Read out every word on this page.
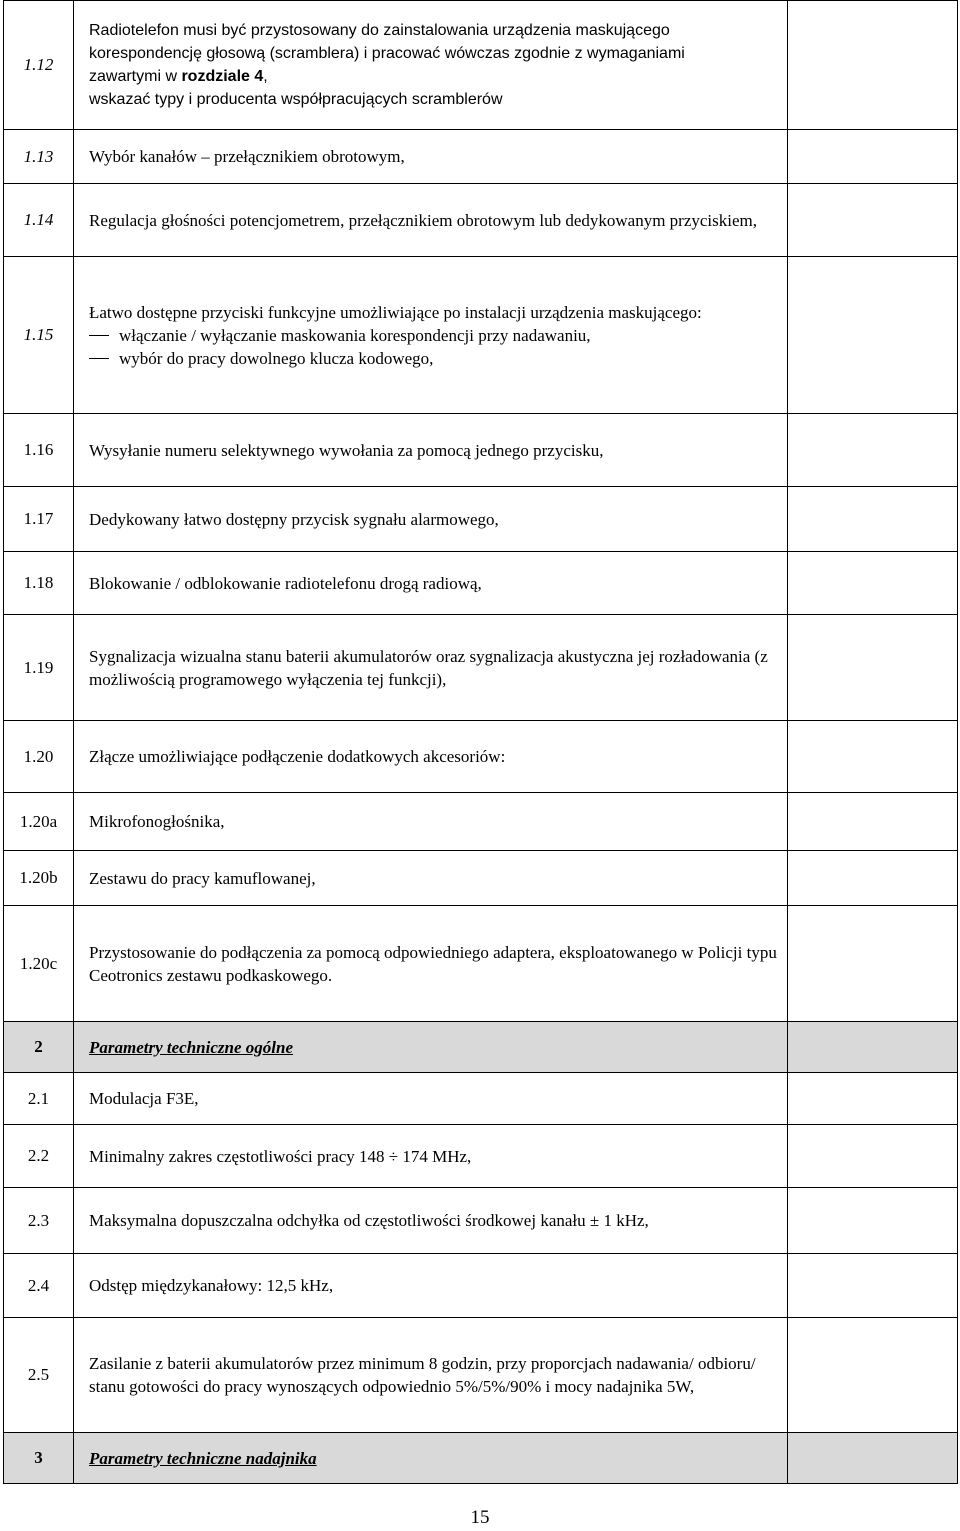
1.12	Radiotelefon musi być przystosowany do zainstalowania urządzenia maskującego
korespondencję głosową (scramblera) i pracować wówczas zgodnie z wymaganiami
zawartymi w rozdziale 4,
wskazać typy i producenta współpracujących scramblerów	

1.13	Wybór kanałów – przełącznikiem obrotowym,	
1.14	Regulacja głośności potencjometrem, przełącznikiem obrotowym lub dedykowanym przyciskiem,	
1.15	Łatwo dostępne przyciski funkcyjne umożliwiające po instalacji urządzenia maskującego:
włączanie / wyłączanie maskowania korespondencji przy nadawaniu,
wybór do pracy dowolnego klucza kodowego,	

1.16	Wysyłanie numeru selektywnego wywołania za pomocą jednego przycisku,	
1.17	Dedykowany łatwo dostępny przycisk sygnału alarmowego,	
1.18	Blokowanie / odblokowanie radiotelefonu drogą radiową,	
1.19	Sygnalizacja wizualna stanu baterii akumulatorów oraz sygnalizacja akustyczna jej rozładowania (z możliwością programowego wyłączenia tej funkcji),	
1.20	Złącze umożliwiające podłączenie dodatkowych akcesoriów:	
1.20a	Mikrofonogłośnika,	
1.20b	Zestawu do pracy kamuflowanej,	
1.20c	Przystosowanie do podłączenia za pomocą odpowiedniego adaptera, eksploatowanego w Policji typu Ceotronics zestawu podkaskowego.	
2	Parametry techniczne ogólne	
2.1	Modulacja F3E,	
2.2	Minimalny zakres częstotliwości pracy 148 ÷ 174 MHz,	
2.3	Maksymalna dopuszczalna odchyłka od częstotliwości środkowej kanału ± 1 kHz,	
2.4	Odstęp międzykanałowy: 12,5 kHz,	
2.5	Zasilanie z baterii akumulatorów przez minimum 8 godzin, przy proporcjach nadawania/ odbioru/ stanu gotowości do pracy wynoszących odpowiednio 5%/5%/90% i mocy nadajnika 5W,	
3	Parametry techniczne nadajnika	
15
